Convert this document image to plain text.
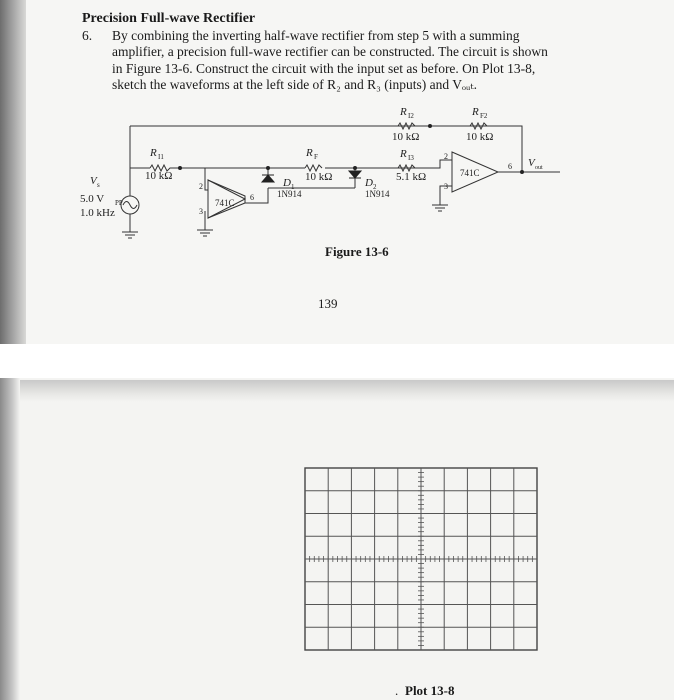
Precision Full-wave Rectifier
6. By combining the inverting half-wave rectifier from step 5 with a summing
amplifier, a precision full-wave rectifier can be constructed. The circuit is shown
in Figure 13-6. Construct the circuit with the input set as before. On Plot 13-8,
sketch the waveforms at the left side of R₂ and R₃ (inputs) and Vₒᵤₜ.
R I1
10 kΩ
R F
10 kΩ
R I2
10 kΩ
R I3
5.1 kΩ
R F2
10 kΩ
D 1
1N914
D 2
1N914
741C
2
3
6
741C
2
3
6 V out
V s
5.0 V PP
1.0 kHz
Figure 13-6
139
. Plot 13-8
